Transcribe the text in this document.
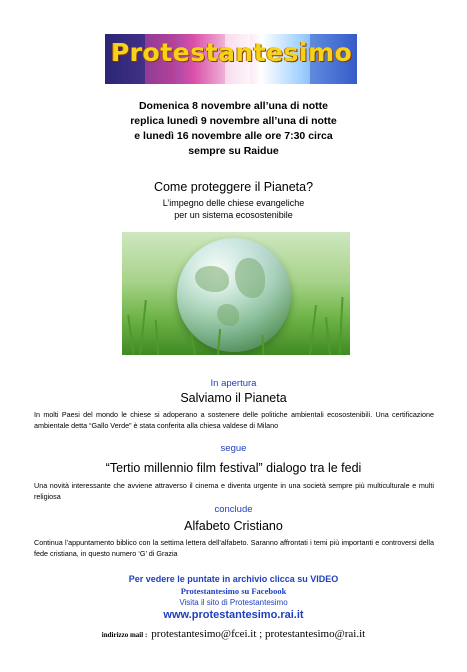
Protestantesimo
Domenica 8 novembre all’una di notte
replica lunedì 9 novembre all’una di notte
e lunedì 16 novembre alle ore 7:30 circa
sempre su Raidue
Come proteggere il Pianeta?
L’impegno delle chiese evangeliche
per un sistema ecosostenibile
In apertura
Salviamo il Pianeta
In molti Paesi del mondo le chiese si adoperano a sostenere delle politiche ambientali ecosostenibili. Una certificazione ambientale detta “Gallo Verde” è stata conferita alla chiesa valdese di Milano
segue
“Tertio millennio film festival” dialogo tra le fedi
Una novità interessante che avviene attraverso il cinema e diventa urgente in una società sempre più multiculturale e multi religiosa
conclude
Alfabeto Cristiano
Continua l’appuntamento biblico con la settima lettera dell’alfabeto. Saranno affrontati i temi più importanti e controversi della fede cristiana, in questo numero ‘G’ di Grazia
Per vedere le puntate in archivio clicca su VIDEO
Protestantesimo su Facebook
Visita il sito di Protestantesimo
www.protestantesimo.rai.it
indirizzo mail : protestantesimo@fcei.it ; protestantesimo@rai.it
